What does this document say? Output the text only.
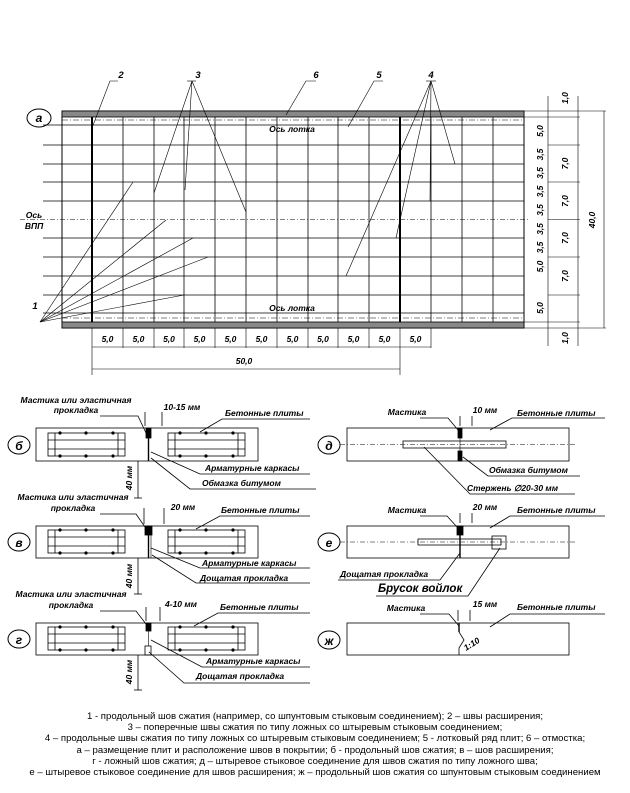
а
Ось
ВПП
Ось лотка
Ось лотка
1
2	3	6	5	4
5,0 5,0 5,0 5,0 5,0 5,0 5,0 5,0 5,0 5,0 5,0
50,0
5,0
3,5
3,5
3,5
3,5
3,5
3,5
5,0
5,0
1,0
7,0
7,0
7,0
7,0
1,0
40,0
б
Мастика или эластичная
прокладка	10-15 мм
Бетонные плиты
Арматурные каркасы
Обмазка битумом
40 мм
в
Мастика или эластичная
прокладка	20 мм	Бетонные плиты
Арматурные каркасы
Дощатая прокладка
40 мм
г
Мастика или эластичная
прокладка	4-10 мм	Бетонные плиты
Арматурные каркасы
Дощатая прокладка
40 мм
д
Мастика	10 мм Бетонные плиты
Обмазка битумом
Стержень ∅20-30 мм
е
Мастика	20 мм Бетонные плиты
Дощатая прокладка
Брусок войлок
ж
Мастика	15 мм Бетонные плиты
1:10
1 - продольный шов сжатия (например, со шпунтовым стыковым соединением); 2 – швы расширения;
3 – поперечные швы сжатия по типу ложных со штыревым стыковым соединением;
4 – продольные швы сжатия по типу ложных со штыревым стыковым соединением; 5 - лотковый ряд плит; 6 – отмостка;
а – размещение плит и расположение швов в покрытии; б - продольный шов сжатия; в – шов расширения;
г - ложный шов сжатия; д – штыревое стыковое соединение для швов сжатия по типу ложного шва;
е – штыревое стыковое соединение для швов расширения; ж – продольный шов сжатия со шпунтовым стыковым соединением
